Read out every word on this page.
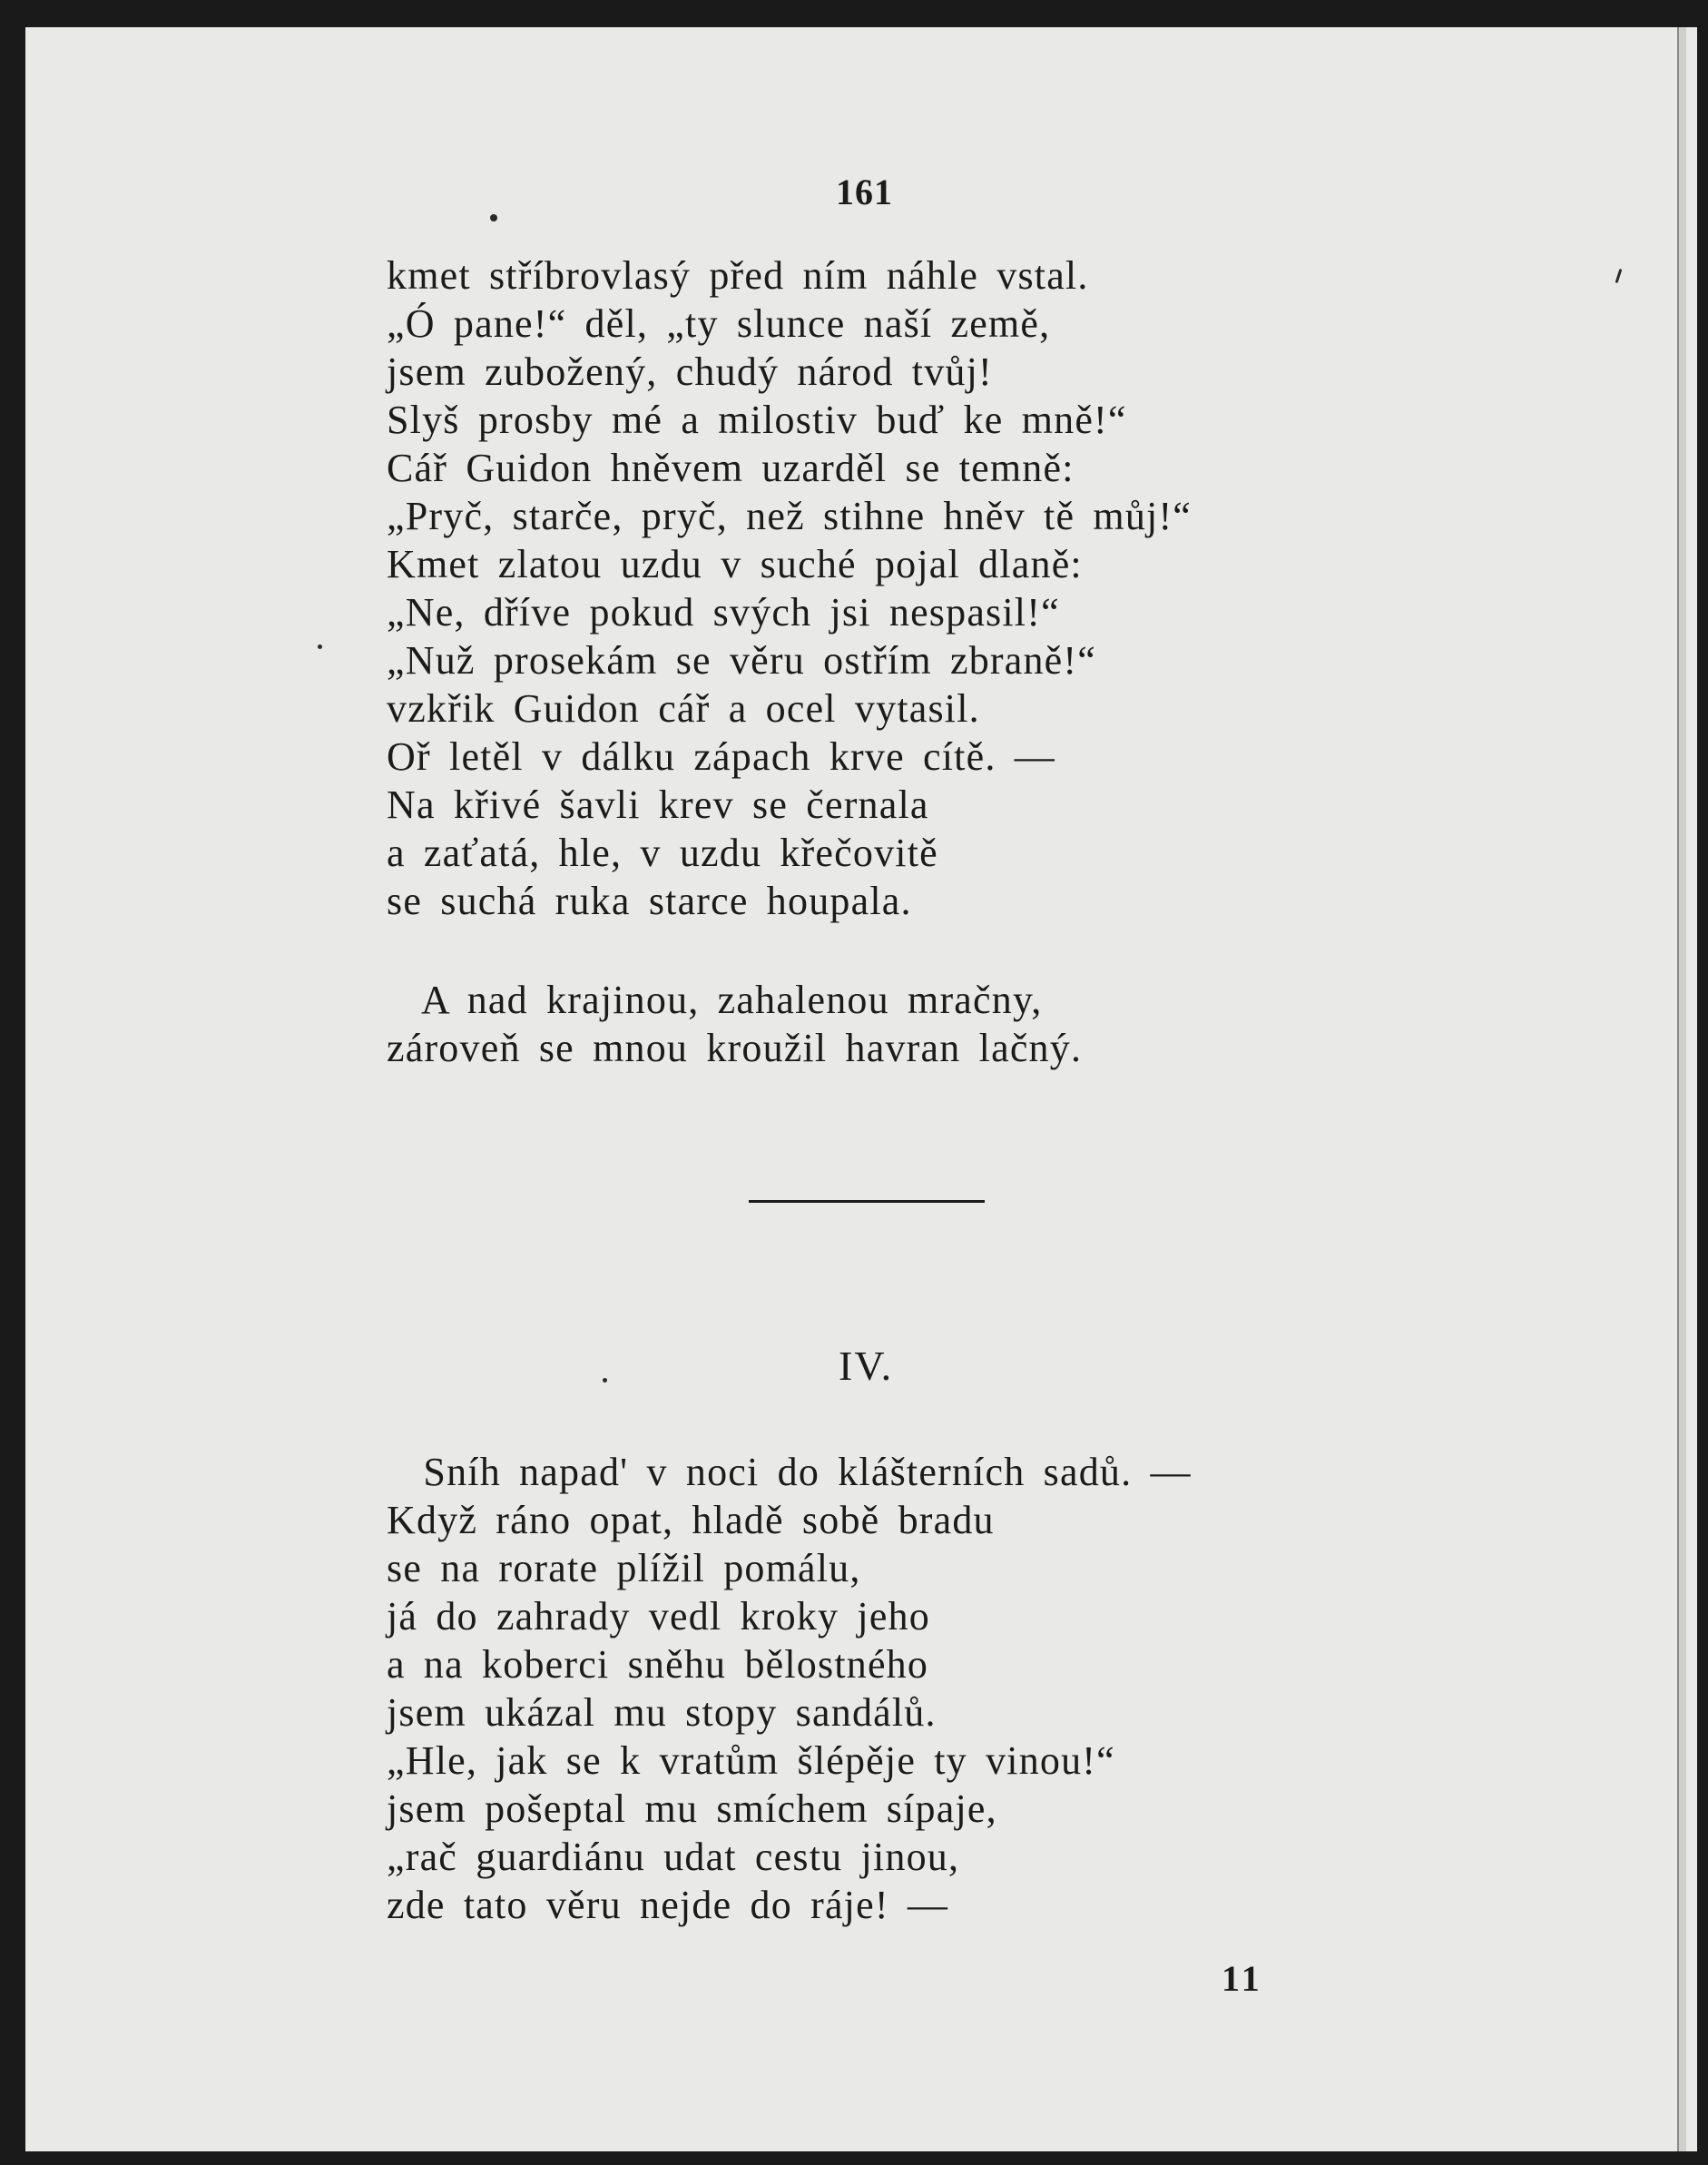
161

kmet stříbrovlasý před ním náhle vstal.

„Ó pane!“ děl, „ty slunce naší země,

jsem zubožený, chudý národ tvůj!

Slyš prosby mé a milostiv buď ke mně!“

Cář Guidon hněvem uzarděl se temně:

„Pryč, starče, pryč, než stihne hněv tě můj!“

Kmet zlatou uzdu v suché pojal dlaně:

„Ne, dříve pokud svých jsi nespasil!“

„Nuž prosekám se věru ostřím zbraně!“

vzkřik Guidon cář a ocel vytasil.

Oř letěl v dálku zápach krve cítě. —

Na křivé šavli krev se černala

a zaťatá, hle, v uzdu křečovitě

se suchá ruka starce houpala.

A nad krajinou, zahalenou mračny,

zároveň se mnou kroužil havran lačný.

IV.

Sníh napad' v noci do klášterních sadů. —

Když ráno opat, hladě sobě bradu

se na rorate plížil pomálu,

já do zahrady vedl kroky jeho

a na koberci sněhu bělostného

jsem ukázal mu stopy sandálů.

„Hle, jak se k vratům šlépěje ty vinou!“

jsem pošeptal mu smíchem sípaje,

„rač guardiánu udat cestu jinou,

zde tato věru nejde do ráje! —

11
